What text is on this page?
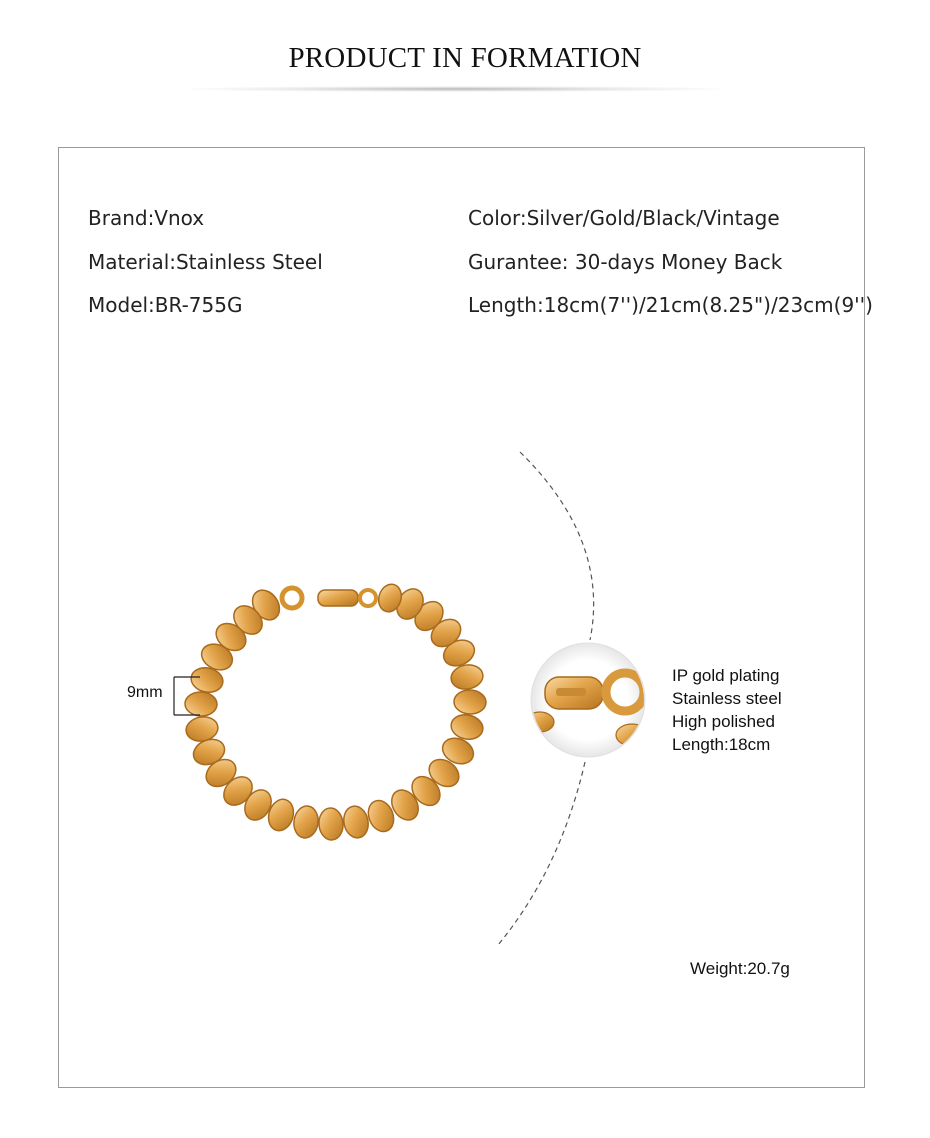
PRODUCT IN FORMATION
Brand:Vnox
Material:Stainless Steel
Model:BR-755G
Color:Silver/Gold/Black/Vintage
Gurantee: 30-days Money Back
Length:18cm(7'')/21cm(8.25")/23cm(9'')
9mm
IP gold plating
Stainless steel
High polished
Length:18cm
Weight:20.7g
